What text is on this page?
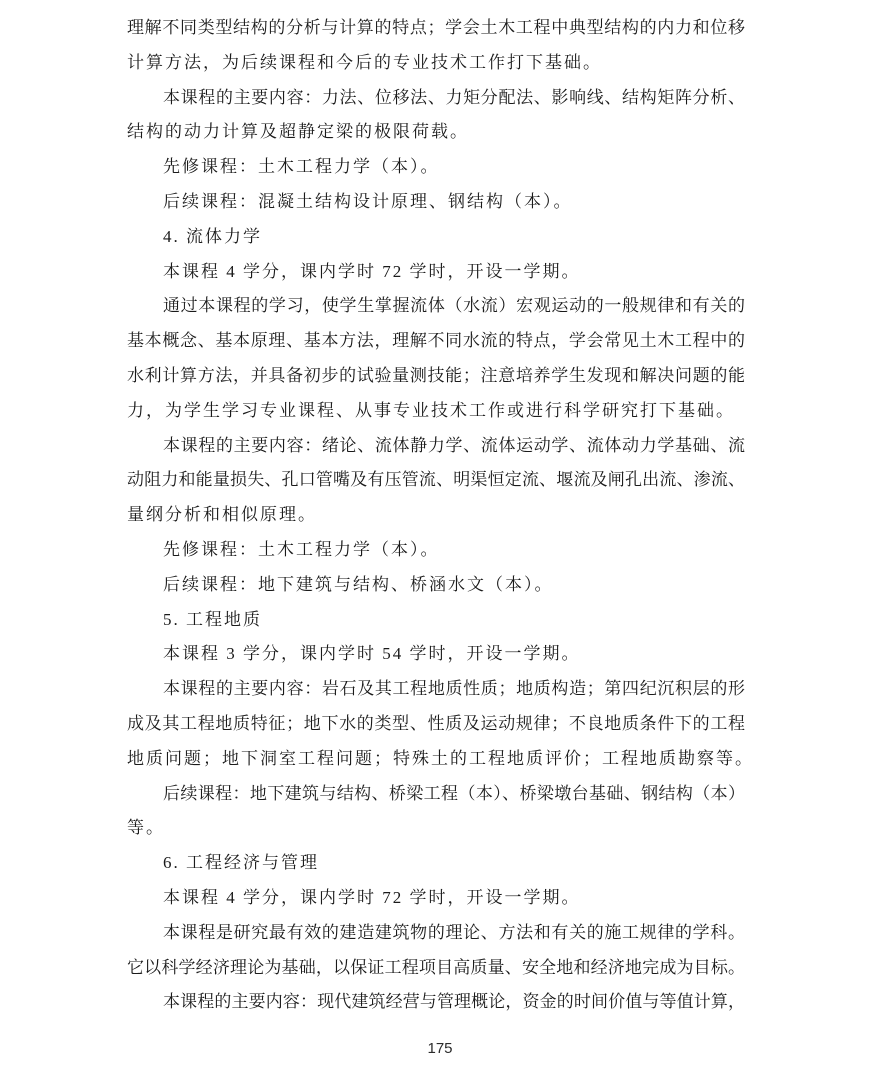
理解不同类型结构的分析与计算的特点；学会土木工程中典型结构的内力和位移
计算方法，为后续课程和今后的专业技术工作打下基础。
本课程的主要内容：力法、位移法、力矩分配法、影响线、结构矩阵分析、
结构的动力计算及超静定梁的极限荷载。
先修课程：土木工程力学（本）。
后续课程：混凝土结构设计原理、钢结构（本）。
4. 流体力学
本课程 4 学分，课内学时 72 学时，开设一学期。
通过本课程的学习，使学生掌握流体（水流）宏观运动的一般规律和有关的
基本概念、基本原理、基本方法，理解不同水流的特点，学会常见土木工程中的
水利计算方法，并具备初步的试验量测技能；注意培养学生发现和解决问题的能
力，为学生学习专业课程、从事专业技术工作或进行科学研究打下基础。
本课程的主要内容：绪论、流体静力学、流体运动学、流体动力学基础、流
动阻力和能量损失、孔口管嘴及有压管流、明渠恒定流、堰流及闸孔出流、渗流、
量纲分析和相似原理。
先修课程：土木工程力学（本）。
后续课程：地下建筑与结构、桥涵水文（本）。
5. 工程地质
本课程 3 学分，课内学时 54 学时，开设一学期。
本课程的主要内容：岩石及其工程地质性质；地质构造；第四纪沉积层的形
成及其工程地质特征；地下水的类型、性质及运动规律；不良地质条件下的工程
地质问题；地下洞室工程问题；特殊土的工程地质评价；工程地质勘察等。
后续课程：地下建筑与结构、桥梁工程（本）、桥梁墩台基础、钢结构（本）
等。
6. 工程经济与管理
本课程 4 学分，课内学时 72 学时，开设一学期。
本课程是研究最有效的建造建筑物的理论、方法和有关的施工规律的学科。
它以科学经济理论为基础，以保证工程项目高质量、安全地和经济地完成为目标。
本课程的主要内容：现代建筑经营与管理概论，资金的时间价值与等值计算，
175
